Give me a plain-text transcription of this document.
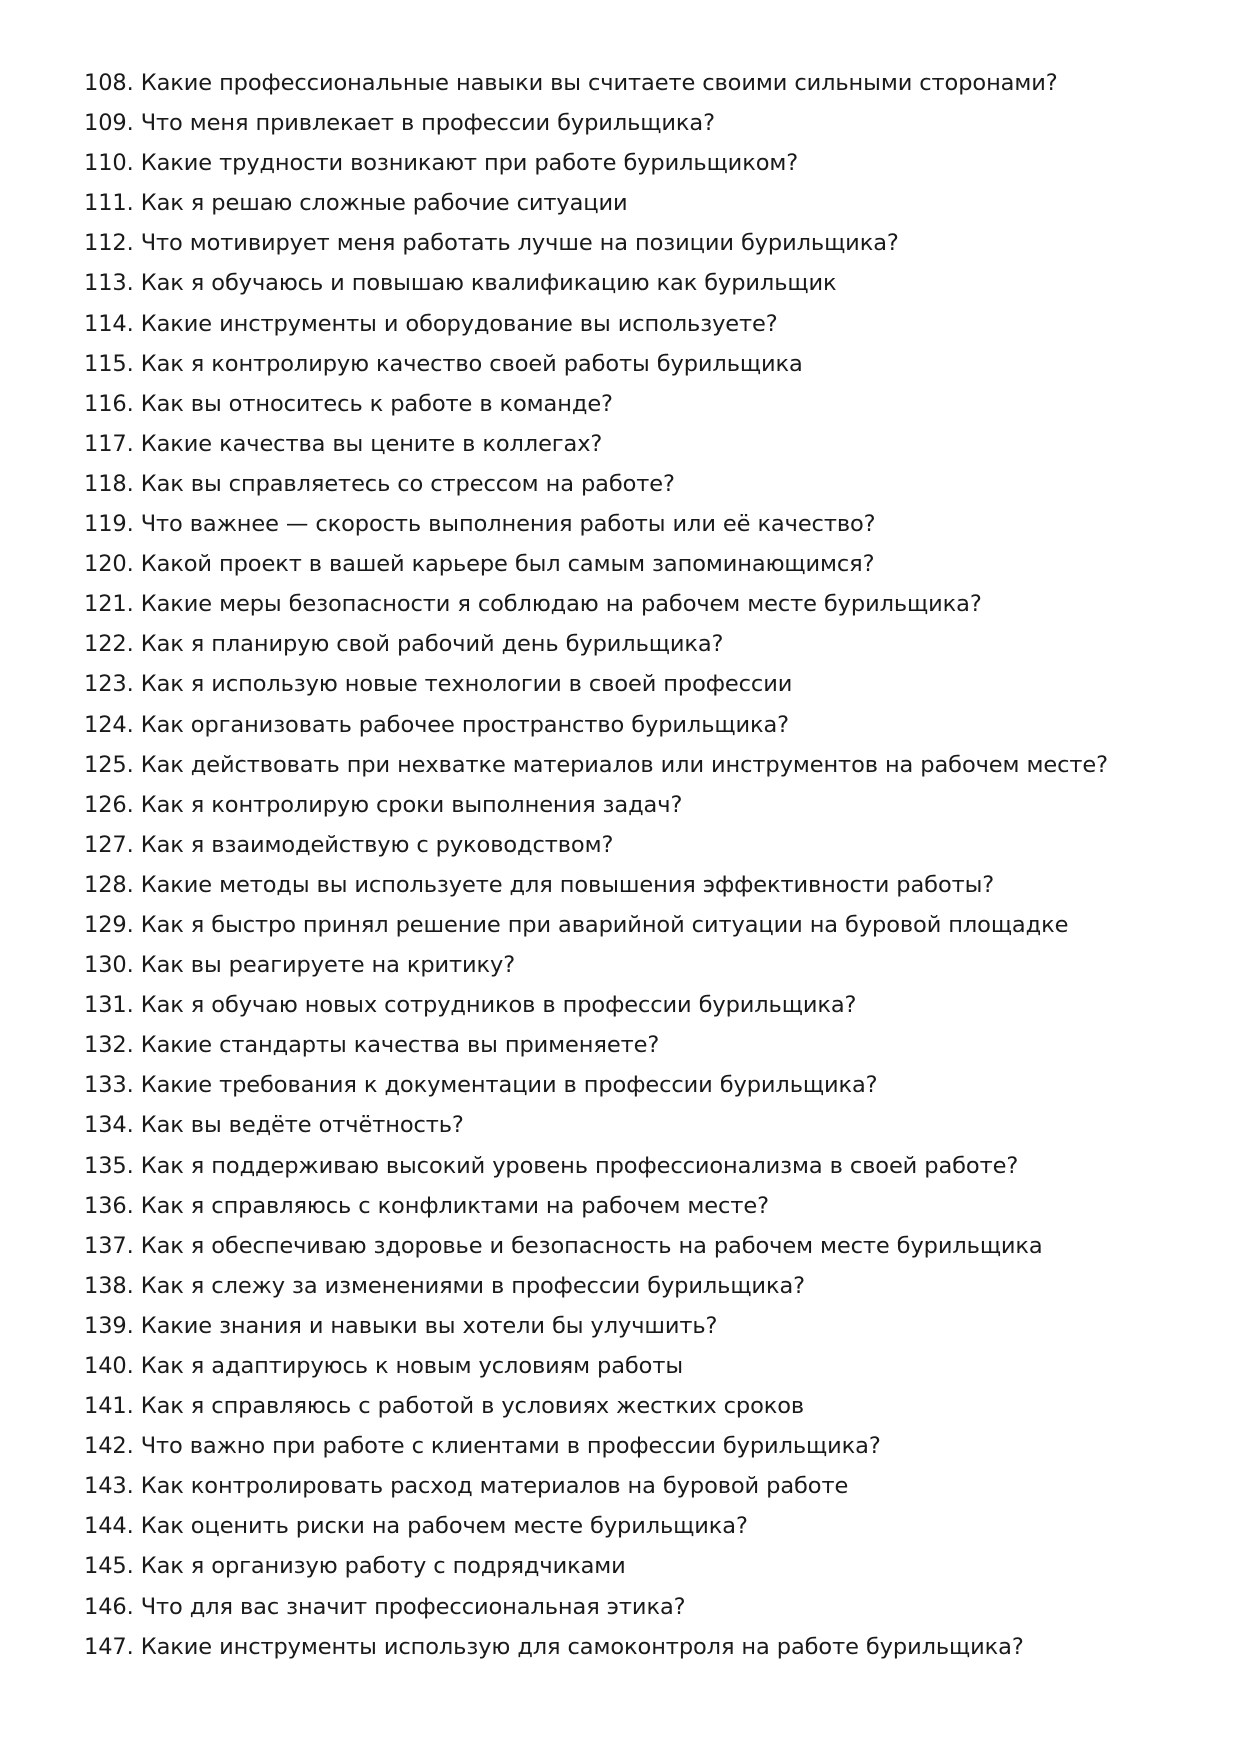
108. Какие профессиональные навыки вы считаете своими сильными сторонами?
109. Что меня привлекает в профессии бурильщика?
110. Какие трудности возникают при работе бурильщиком?
111. Как я решаю сложные рабочие ситуации
112. Что мотивирует меня работать лучше на позиции бурильщика?
113. Как я обучаюсь и повышаю квалификацию как бурильщик
114. Какие инструменты и оборудование вы используете?
115. Как я контролирую качество своей работы бурильщика
116. Как вы относитесь к работе в команде?
117. Какие качества вы цените в коллегах?
118. Как вы справляетесь со стрессом на работе?
119. Что важнее — скорость выполнения работы или её качество?
120. Какой проект в вашей карьере был самым запоминающимся?
121. Какие меры безопасности я соблюдаю на рабочем месте бурильщика?
122. Как я планирую свой рабочий день бурильщика?
123. Как я использую новые технологии в своей профессии
124. Как организовать рабочее пространство бурильщика?
125. Как действовать при нехватке материалов или инструментов на рабочем месте?
126. Как я контролирую сроки выполнения задач?
127. Как я взаимодействую с руководством?
128. Какие методы вы используете для повышения эффективности работы?
129. Как я быстро принял решение при аварийной ситуации на буровой площадке
130. Как вы реагируете на критику?
131. Как я обучаю новых сотрудников в профессии бурильщика?
132. Какие стандарты качества вы применяете?
133. Какие требования к документации в профессии бурильщика?
134. Как вы ведёте отчётность?
135. Как я поддерживаю высокий уровень профессионализма в своей работе?
136. Как я справляюсь с конфликтами на рабочем месте?
137. Как я обеспечиваю здоровье и безопасность на рабочем месте бурильщика
138. Как я слежу за изменениями в профессии бурильщика?
139. Какие знания и навыки вы хотели бы улучшить?
140. Как я адаптируюсь к новым условиям работы
141. Как я справляюсь с работой в условиях жестких сроков
142. Что важно при работе с клиентами в профессии бурильщика?
143. Как контролировать расход материалов на буровой работе
144. Как оценить риски на рабочем месте бурильщика?
145. Как я организую работу с подрядчиками
146. Что для вас значит профессиональная этика?
147. Какие инструменты использую для самоконтроля на работе бурильщика?
